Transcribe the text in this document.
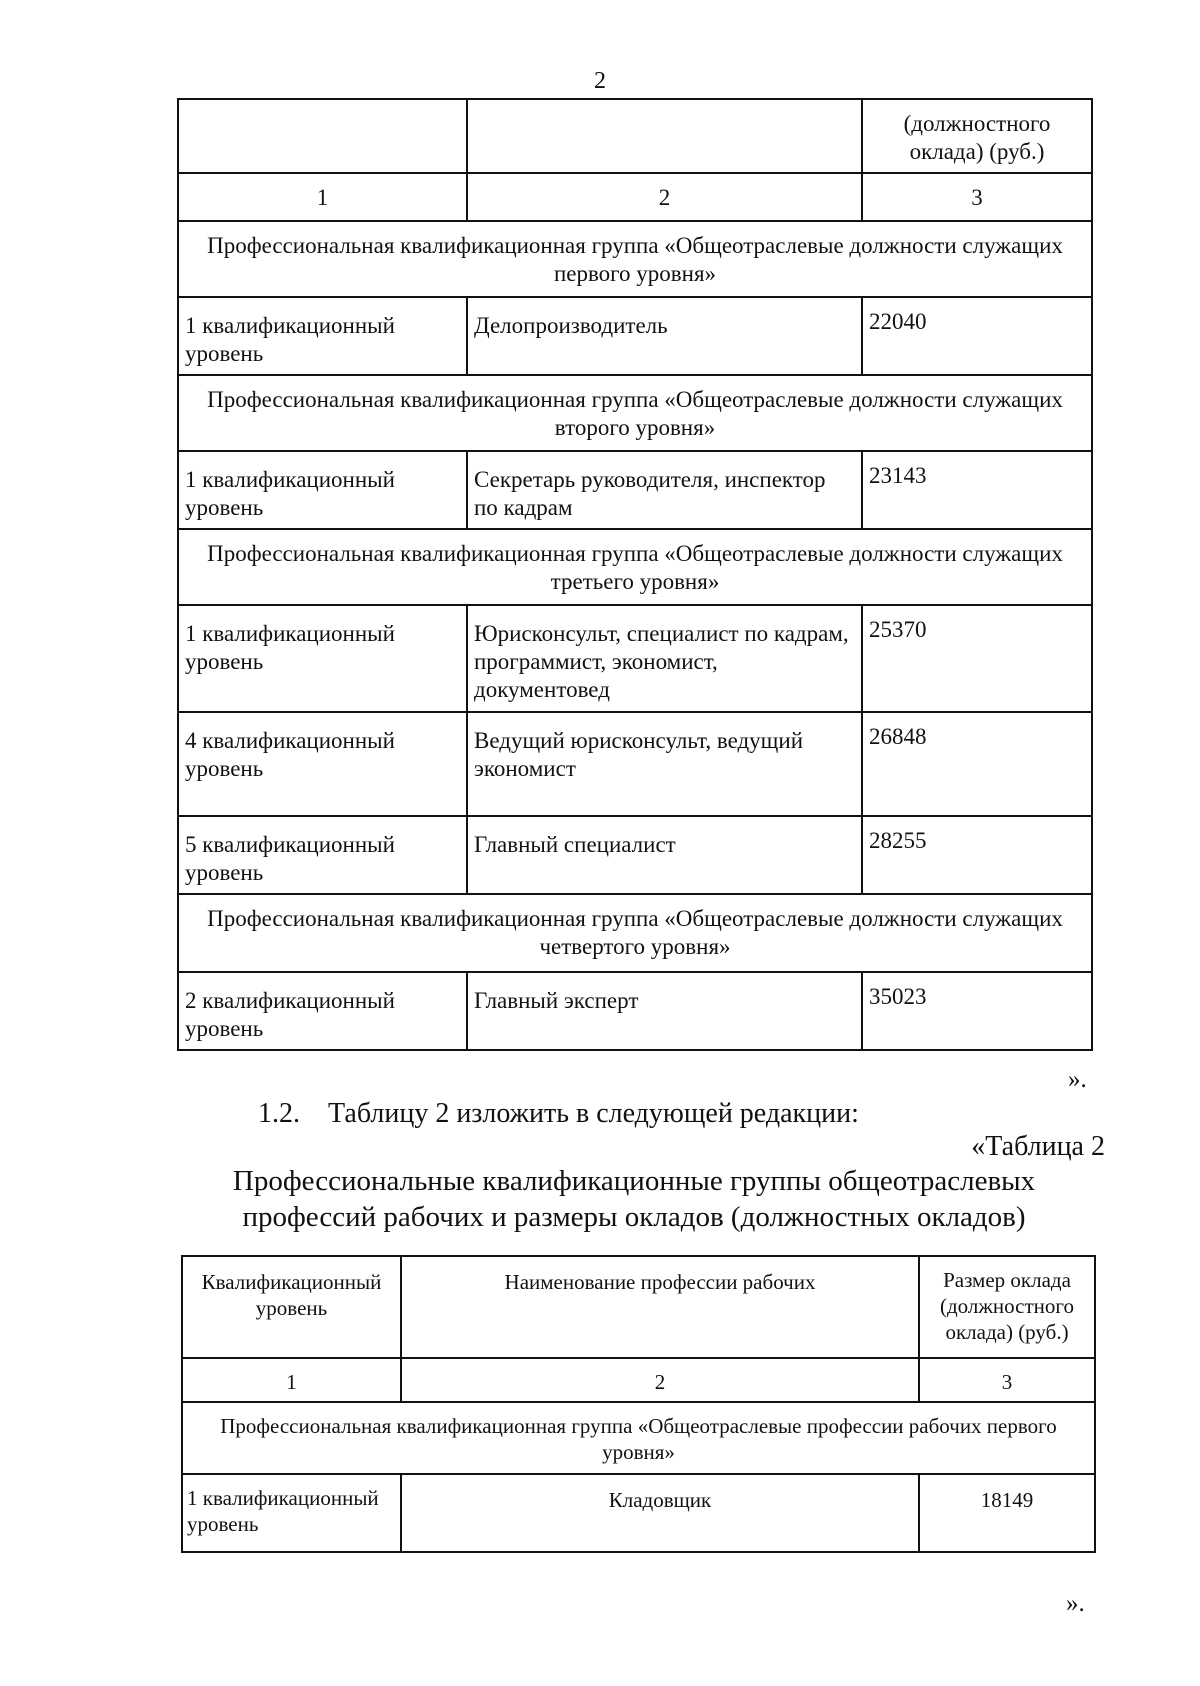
2
		(должностного оклада) (руб.)
1	2	3
Профессиональная квалификационная группа «Общеотраслевые должности служащих первого уровня»		
1 квалификационный уровень	Делопроизводитель	22040
Профессиональная квалификационная группа «Общеотраслевые должности служащих второго уровня»		
1 квалификационный уровень	Секретарь руководителя, инспектор по кадрам	23143
Профессиональная квалификационная группа «Общеотраслевые должности служащих третьего уровня»		
1 квалификационный уровень	Юрисконсульт, специалист по кадрам, программист, экономист, документовед	25370
4 квалификационный уровень	Ведущий юрисконсульт, ведущий экономист	26848
5 квалификационный уровень	Главный специалист	28255
Профессиональная квалификационная группа «Общеотраслевые должности служащих четвертого уровня»		
2 квалификационный уровень	Главный эксперт	35023
».
1.2. Таблицу 2 изложить в следующей редакции:
«Таблица 2
Профессиональные квалификационные группы общеотраслевых профессий рабочих и размеры окладов (должностных окладов)
Квалификационный уровень	Наименование профессии рабочих	Размер оклада (должностного оклада) (руб.)
1	2	3
Профессиональная квалификационная группа «Общеотраслевые профессии рабочих первого уровня»		
1 квалификационный уровень	Кладовщик	18149
».
